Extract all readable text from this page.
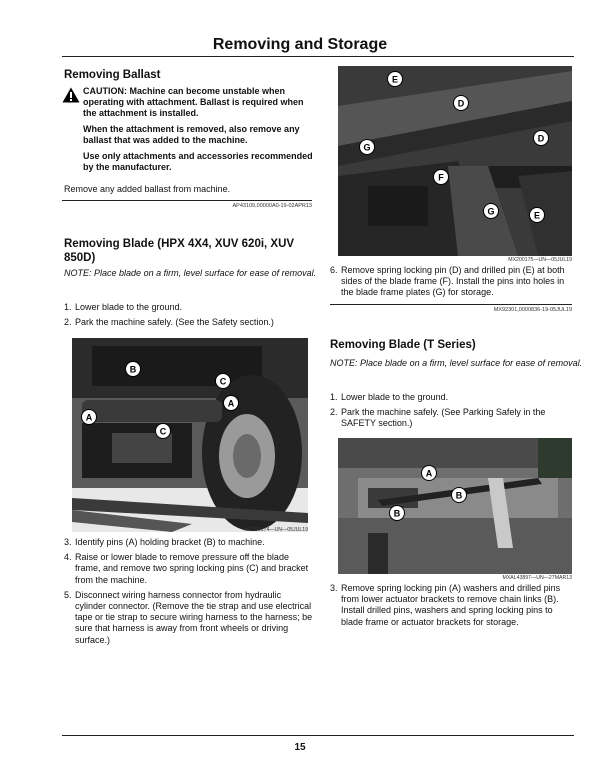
Removing and Storage
Removing Ballast
CAUTION: Machine can become unstable when operating with attachment. Ballast is required when the attachment is installed.
When the attachment is removed, also remove any ballast that was added to the machine.
Use only attachments and accessories recommended by the manufacturer.
Remove any added ballast from machine.
AP43109,00000A0-19-02APR13
Removing Blade (HPX 4X4, XUV 620i, XUV 850D)
NOTE: Place blade on a firm, level surface for ease of removal.
1. Lower blade to the ground.
2. Park the machine safely. (See the Safety section.)
B
C
A
A
C
MX200174—UN—05JUL19
3. Identify pins (A) holding bracket (B) to machine.
4. Raise or lower blade to remove pressure off the blade frame, and remove two spring locking pins (C) and bracket from the machine.
5. Disconnect wiring harness connector from hydraulic cylinder connector. (Remove the tie strap and use electrical tape or tie strap to secure wiring harness to the harness; be sure that harness is away from front wheels or driving surface.)
E
D
D
G
F
G	E
MX200175—UN—05JUL19
6. Remove spring locking pin (D) and drilled pin (E) at both sides of the blade frame (F). Install the pins into holes in the blade frame plates (G) for storage.
MX92301,0000836-19-05JUL19
Removing Blade (T Series)
NOTE: Place blade on a firm, level surface for ease of removal.
1. Lower blade to the ground.
2. Park the machine safely. (See Parking Safely in the SAFETY section.)
A
B
B
MXAL43897—UN—27MAR13
3. Remove spring locking pin (A) washers and drilled pins from lower actuator brackets to remove chain links (B). Install drilled pins, washers and spring locking pins to blade frame or actuator brackets for storage.
15
